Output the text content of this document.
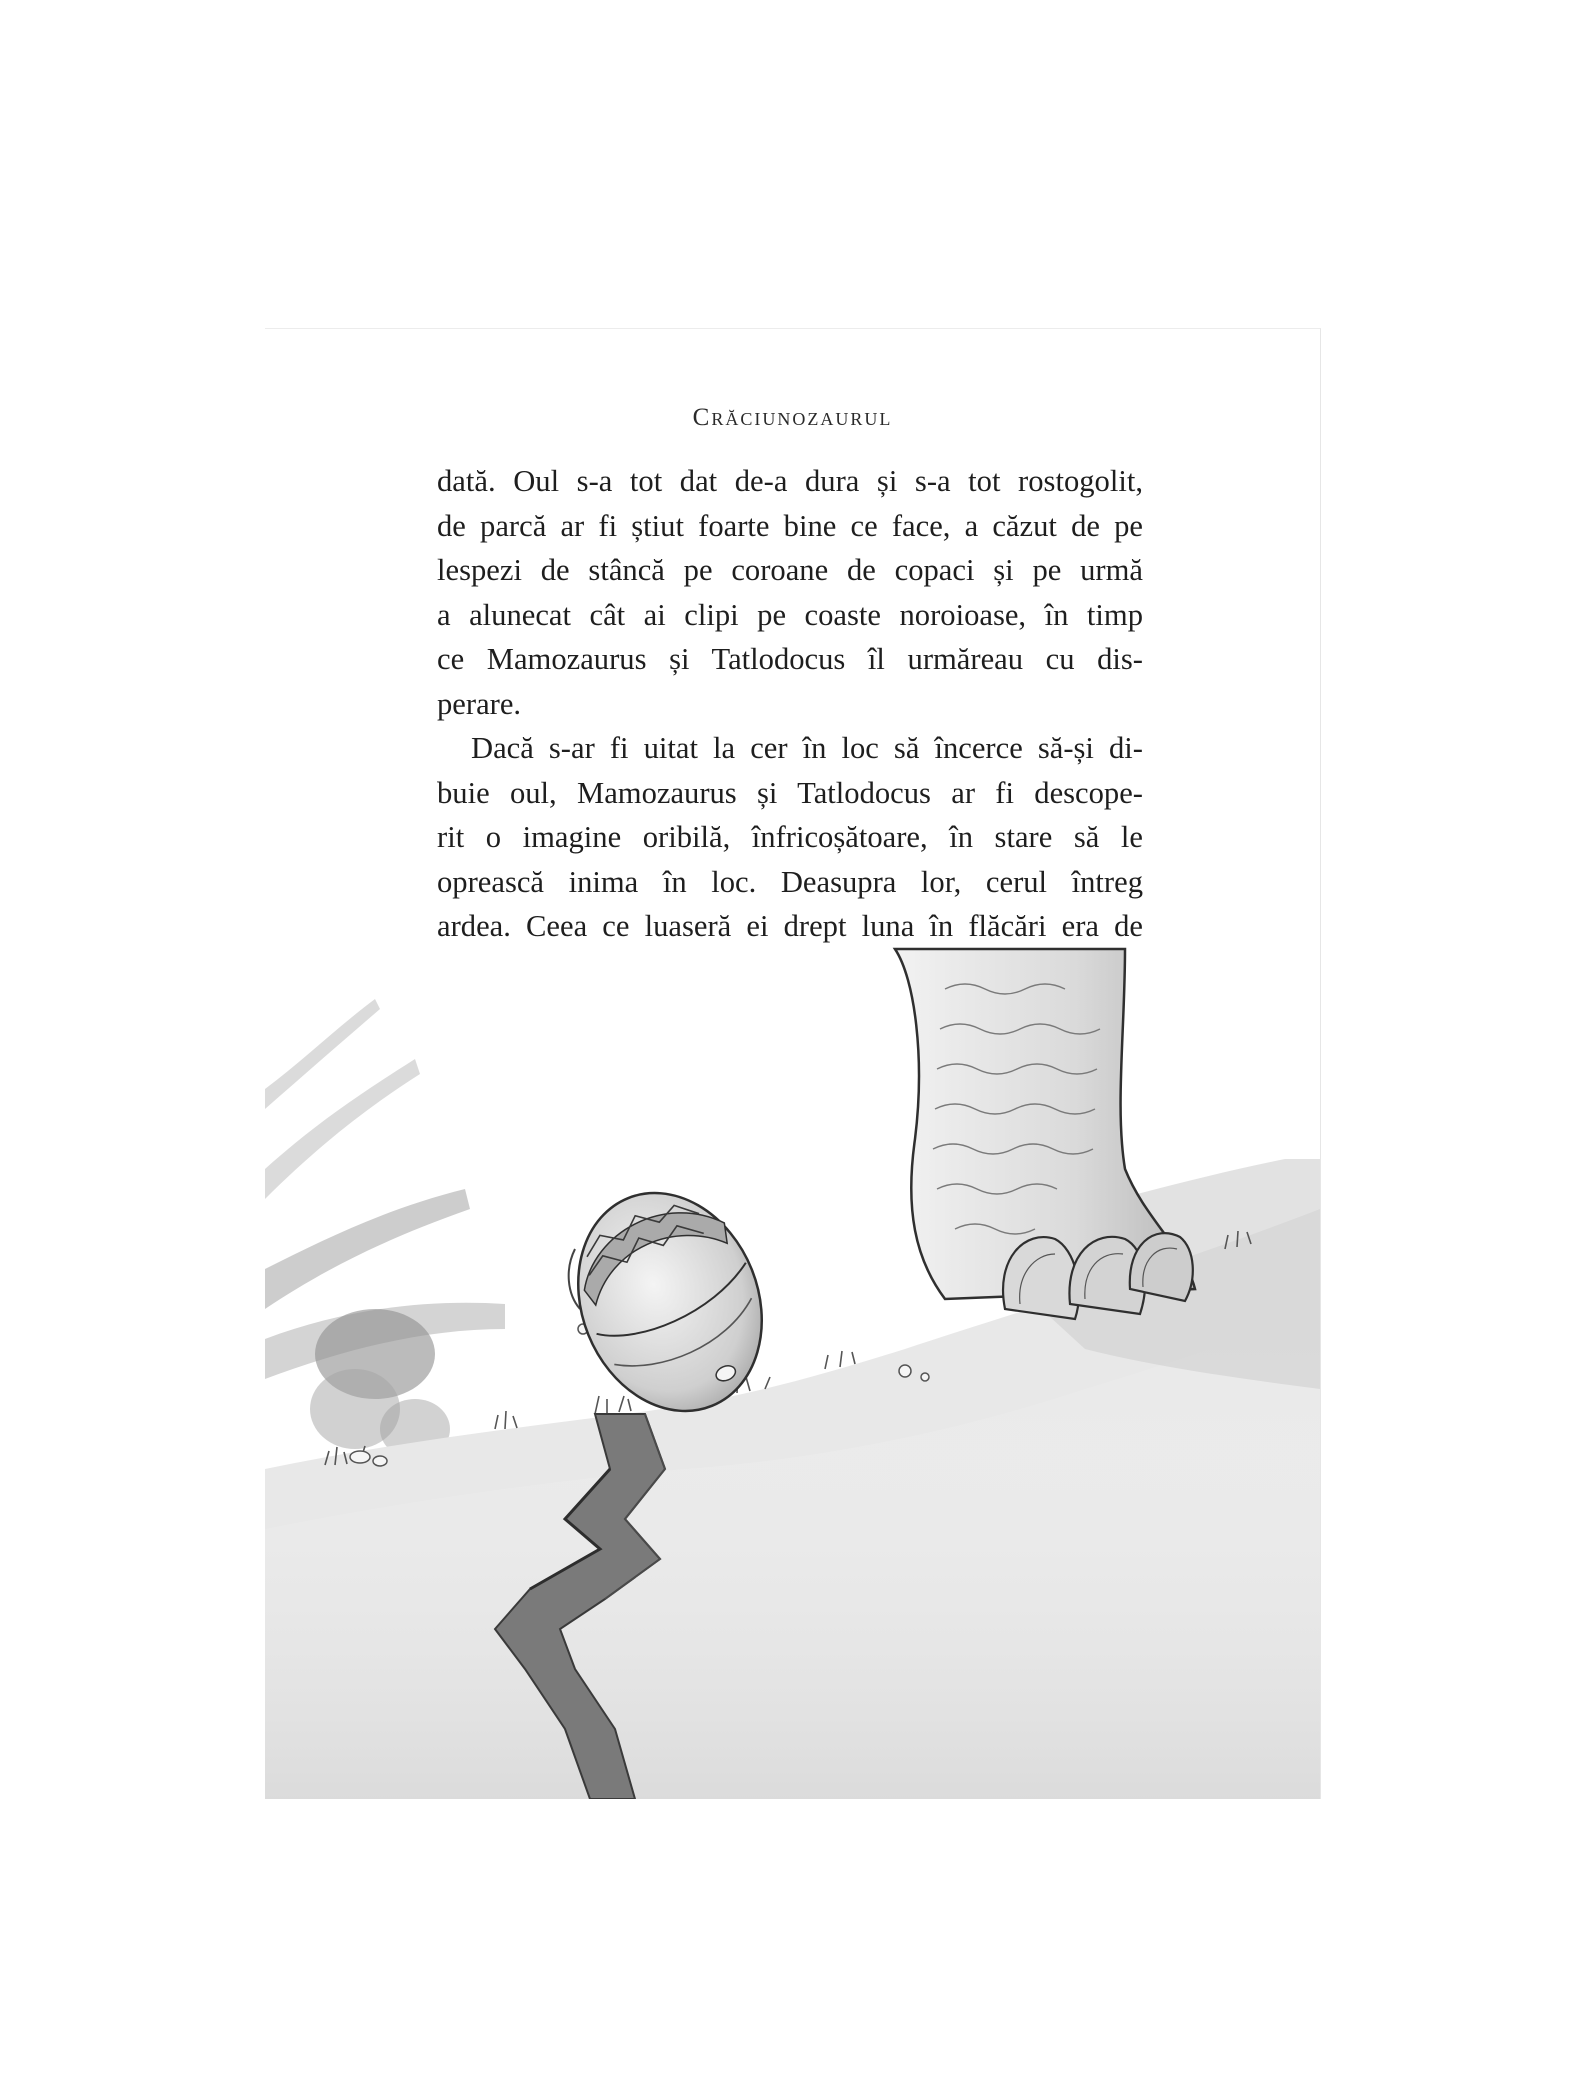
Crăciunozaurul

dată. Oul s-a tot dat de-a dura și s-a tot rostogolit,
de parcă ar fi știut foarte bine ce face, a căzut de pe
lespezi de stâncă pe coroane de copaci și pe urmă
a alunecat cât ai clipi pe coaste noroioase, în timp
ce Mamozaurus și Tatlodocus îl urmăreau cu dis-
perare.

Dacă s-ar fi uitat la cer în loc să încerce să-și di-
buie oul, Mamozaurus și Tatlodocus ar fi descope-
rit o imagine oribilă, înfricoșătoare, în stare să le
oprească inima în loc. Deasupra lor, cerul întreg
ardea. Ceea ce luaseră ei drept luna în flăcări era de
